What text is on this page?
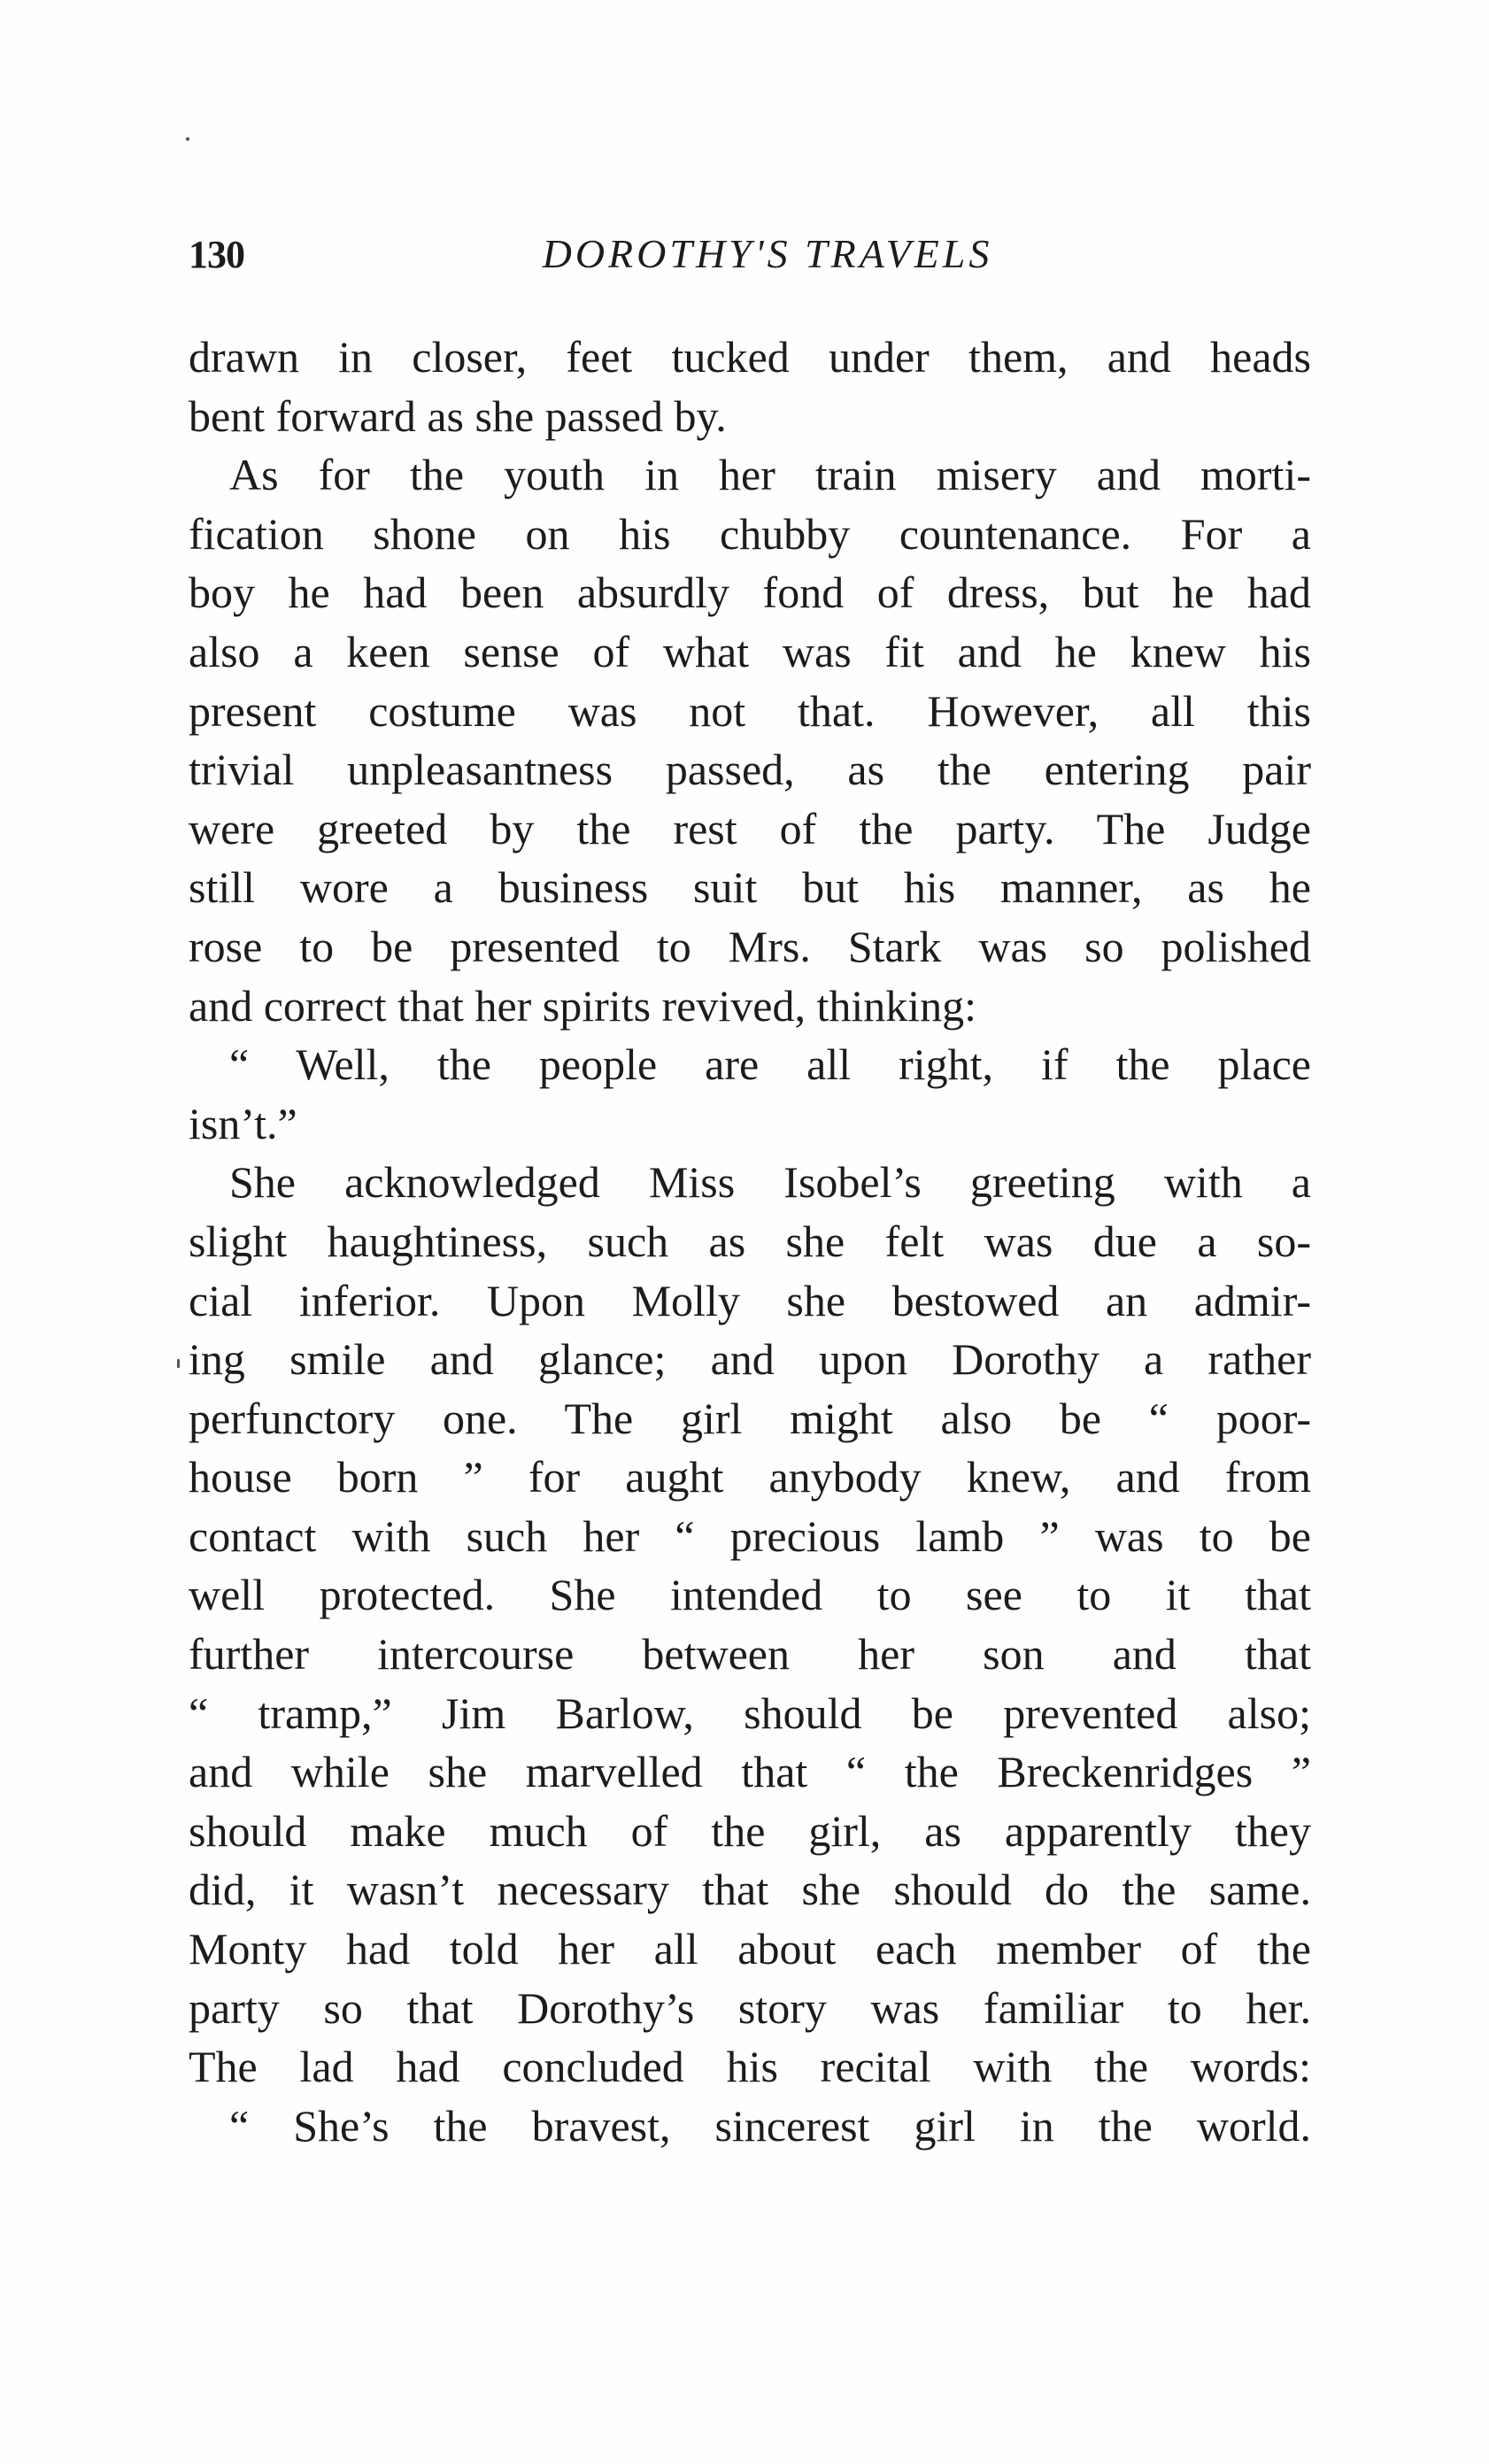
130	DOROTHY'S TRAVELS
drawn in closer, feet tucked under them, and heads
bent forward as she passed by.
As for the youth in her train misery and morti-
fication shone on his chubby countenance. For a
boy he had been absurdly fond of dress, but he had
also a keen sense of what was fit and he knew his
present costume was not that. However, all this
trivial unpleasantness passed, as the entering pair
were greeted by the rest of the party. The Judge
still wore a business suit but his manner, as he
rose to be presented to Mrs. Stark was so polished
and correct that her spirits revived, thinking:
“ Well, the people are all right, if the place
isn’t.”
She acknowledged Miss Isobel’s greeting with a
slight haughtiness, such as she felt was due a so-
cial inferior. Upon Molly she bestowed an admir-
ing smile and glance; and upon Dorothy a rather
perfunctory one. The girl might also be “ poor-
house born ” for aught anybody knew, and from
contact with such her “ precious lamb ” was to be
well protected. She intended to see to it that
further intercourse between her son and that
“ tramp,” Jim Barlow, should be prevented also;
and while she marvelled that “ the Breckenridges ”
should make much of the girl, as apparently they
did, it wasn’t necessary that she should do the same.
Monty had told her all about each member of the
party so that Dorothy’s story was familiar to her.
The lad had concluded his recital with the words:
“ She’s the bravest, sincerest girl in the world.
